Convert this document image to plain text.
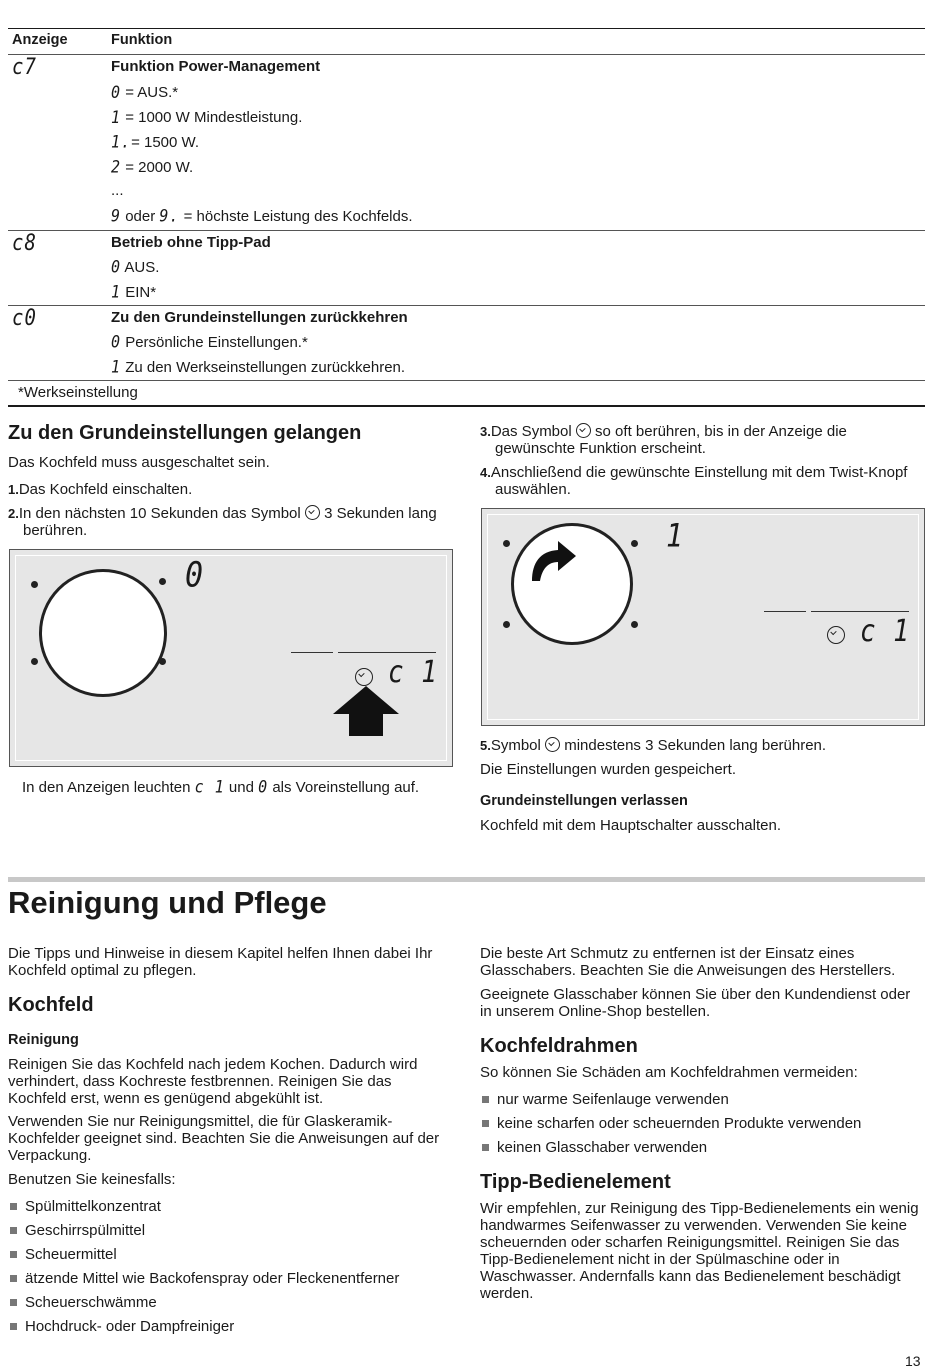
Anzeige	Funktion
c7	Funktion Power-Management
0 = AUS.*
1 = 1000 W Mindestleistung.
1.= 1500 W.
2 = 2000 W.
...
9 oder 9. = höchste Leistung des Kochfelds.
c8	Betrieb ohne Tipp-Pad
0 AUS.
1 EIN*
c0	Zu den Grundeinstellungen zurückkehren
0 Persönliche Einstellungen.*
1 Zu den Werkseinstellungen zurückkehren.
*Werkseinstellung
Zu den Grundeinstellungen gelangen

Das Kochfeld muss ausgeschaltet sein.

1.Das Kochfeld einschalten.

2.In den nächsten 10 Sekunden das Symbol 3 Sekunden lang berühren.

0
c 1

In den Anzeigen leuchten c 1 und 0 als Voreinstellung auf.

3.Das Symbol so oft berühren, bis in der Anzeige die gewünschte Funktion erscheint.

4.Anschließend die gewünschte Einstellung mit dem Twist-Knopf auswählen.

1
c 1

5.Symbol mindestens 3 Sekunden lang berühren.

Die Einstellungen wurden gespeichert.

Grundeinstellungen verlassen

Kochfeld mit dem Hauptschalter ausschalten.

Reinigung und Pflege

Die Tipps und Hinweise in diesem Kapitel helfen Ihnen dabei Ihr Kochfeld optimal zu pflegen.

Kochfeld

Reinigung

Reinigen Sie das Kochfeld nach jedem Kochen. Dadurch wird verhindert, dass Kochreste festbrennen. Reinigen Sie das Kochfeld erst, wenn es genügend abgekühlt ist.

Verwenden Sie nur Reinigungsmittel, die für Glaskeramik-Kochfelder geeignet sind. Beachten Sie die Anweisungen auf der Verpackung.

Benutzen Sie keinesfalls:

Spülmittelkonzentrat
Geschirrspülmittel
Scheuermittel
ätzende Mittel wie Backofenspray oder Fleckenentferner
Scheuerschwämme
Hochdruck- oder Dampfreiniger

Die beste Art Schmutz zu entfernen ist der Einsatz eines Glasschabers. Beachten Sie die Anweisungen des Herstellers.

Geeignete Glasschaber können Sie über den Kundendienst oder in unserem Online-Shop bestellen.

Kochfeldrahmen

So können Sie Schäden am Kochfeldrahmen vermeiden:

nur warme Seifenlauge verwenden
keine scharfen oder scheuernden Produkte verwenden
keinen Glasschaber verwenden
Tipp-Bedienelement

Wir empfehlen, zur Reinigung des Tipp-Bedienelements ein wenig handwarmes Seifenwasser zu verwenden. Verwenden Sie keine scheuernden oder scharfen Reinigungsmittel. Reinigen Sie das Tipp-Bedienelement nicht in der Spülmaschine oder in Waschwasser. Andernfalls kann das Bedienelement beschädigt werden.

13
